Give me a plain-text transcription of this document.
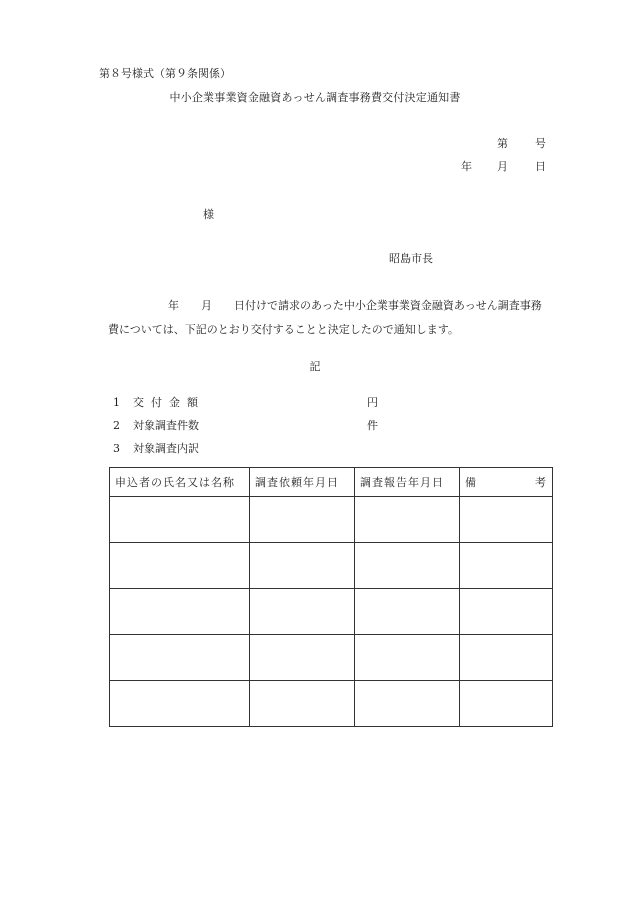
第８号様式（第９条関係）
中小企業事業資金融資あっせん調査事務費交付決定通知書
第 号
年 月 日
様
昭島市長
年 月 日付けで請求のあった中小企業事業資金融資あっせん調査事務
費については、下記のとおり交付することと決定したので通知します。
記
1 交付金額	円
2 対象調査件数	件
3 対象調査内訳
申込者の氏名又は名称	調査依頼年月日	調査報告年月日	備 考
